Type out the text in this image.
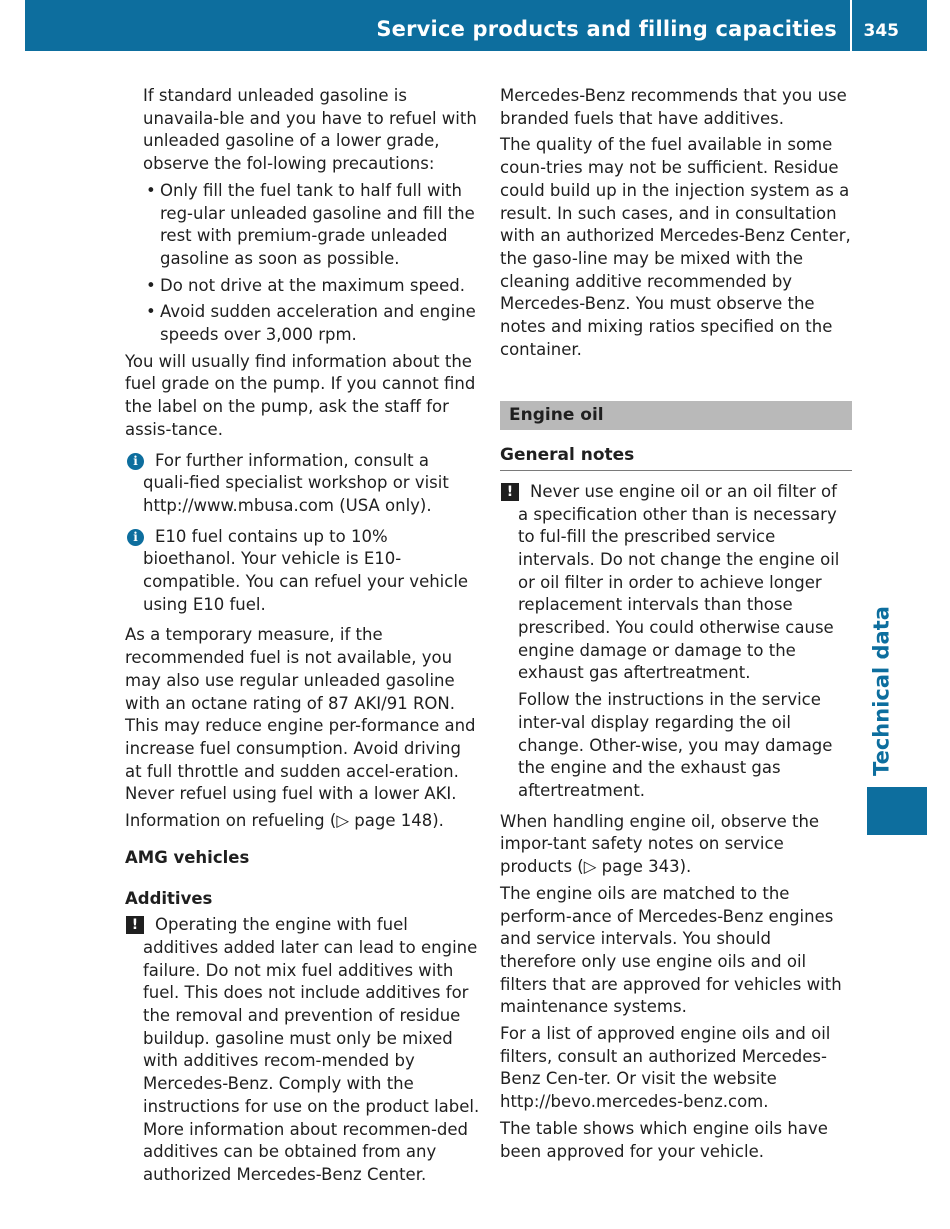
Service products and filling capacities 345
Technical data

If standard unleaded gasoline is unavaila-ble and you have to refuel with unleaded gasoline of a lower grade, observe the fol-lowing precautions:

• Only fill the fuel tank to half full with reg-ular unleaded gasoline and fill the rest with premium-grade unleaded gasoline as soon as possible.
• Do not drive at the maximum speed.
• Avoid sudden acceleration and engine speeds over 3,000 rpm.

You will usually find information about the fuel grade on the pump. If you cannot find the label on the pump, ask the staff for assis-tance.

i	For further information, consult a quali-fied specialist workshop or visit http://www.mbusa.com (USA only).
i	E10 fuel contains up to 10% bioethanol. Your vehicle is E10-compatible. You can refuel your vehicle using E10 fuel.

As a temporary measure, if the recommended fuel is not available, you may also use regular unleaded gasoline with an octane rating of 87 AKI/91 RON. This may reduce engine per-formance and increase fuel consumption. Avoid driving at full throttle and sudden accel-eration. Never refuel using fuel with a lower AKI.

Information on refueling (▷ page 148).

AMG vehicles
Additives
!	Operating the engine with fuel additives added later can lead to engine failure. Do not mix fuel additives with fuel. This does not include additives for the removal and prevention of residue buildup. gasoline must only be mixed with additives recom-mended by Mercedes-Benz. Comply with the instructions for use on the product label. More information about recommen-ded additives can be obtained from any authorized Mercedes-Benz Center.

Mercedes-Benz recommends that you use branded fuels that have additives.

The quality of the fuel available in some coun-tries may not be sufficient. Residue could build up in the injection system as a result. In such cases, and in consultation with an authorized Mercedes-Benz Center, the gaso-line may be mixed with the cleaning additive recommended by Mercedes-Benz. You must observe the notes and mixing ratios specified on the container.

Engine oil
General notes
!	Never use engine oil or an oil filter of a specification other than is necessary to ful-fill the prescribed service intervals. Do not change the engine oil or oil filter in order to achieve longer replacement intervals than those prescribed. You could otherwise cause engine damage or damage to the exhaust gas aftertreatment.
Follow the instructions in the service inter-val display regarding the oil change. Other-wise, you may damage the engine and the exhaust gas aftertreatment.

When handling engine oil, observe the impor-tant safety notes on service products (▷ page 343).

The engine oils are matched to the perform-ance of Mercedes-Benz engines and service intervals. You should therefore only use engine oils and oil filters that are approved for vehicles with maintenance systems.

For a list of approved engine oils and oil filters, consult an authorized Mercedes-Benz Cen-ter. Or visit the website http://bevo.mercedes-benz.com.

The table shows which engine oils have been approved for your vehicle.
